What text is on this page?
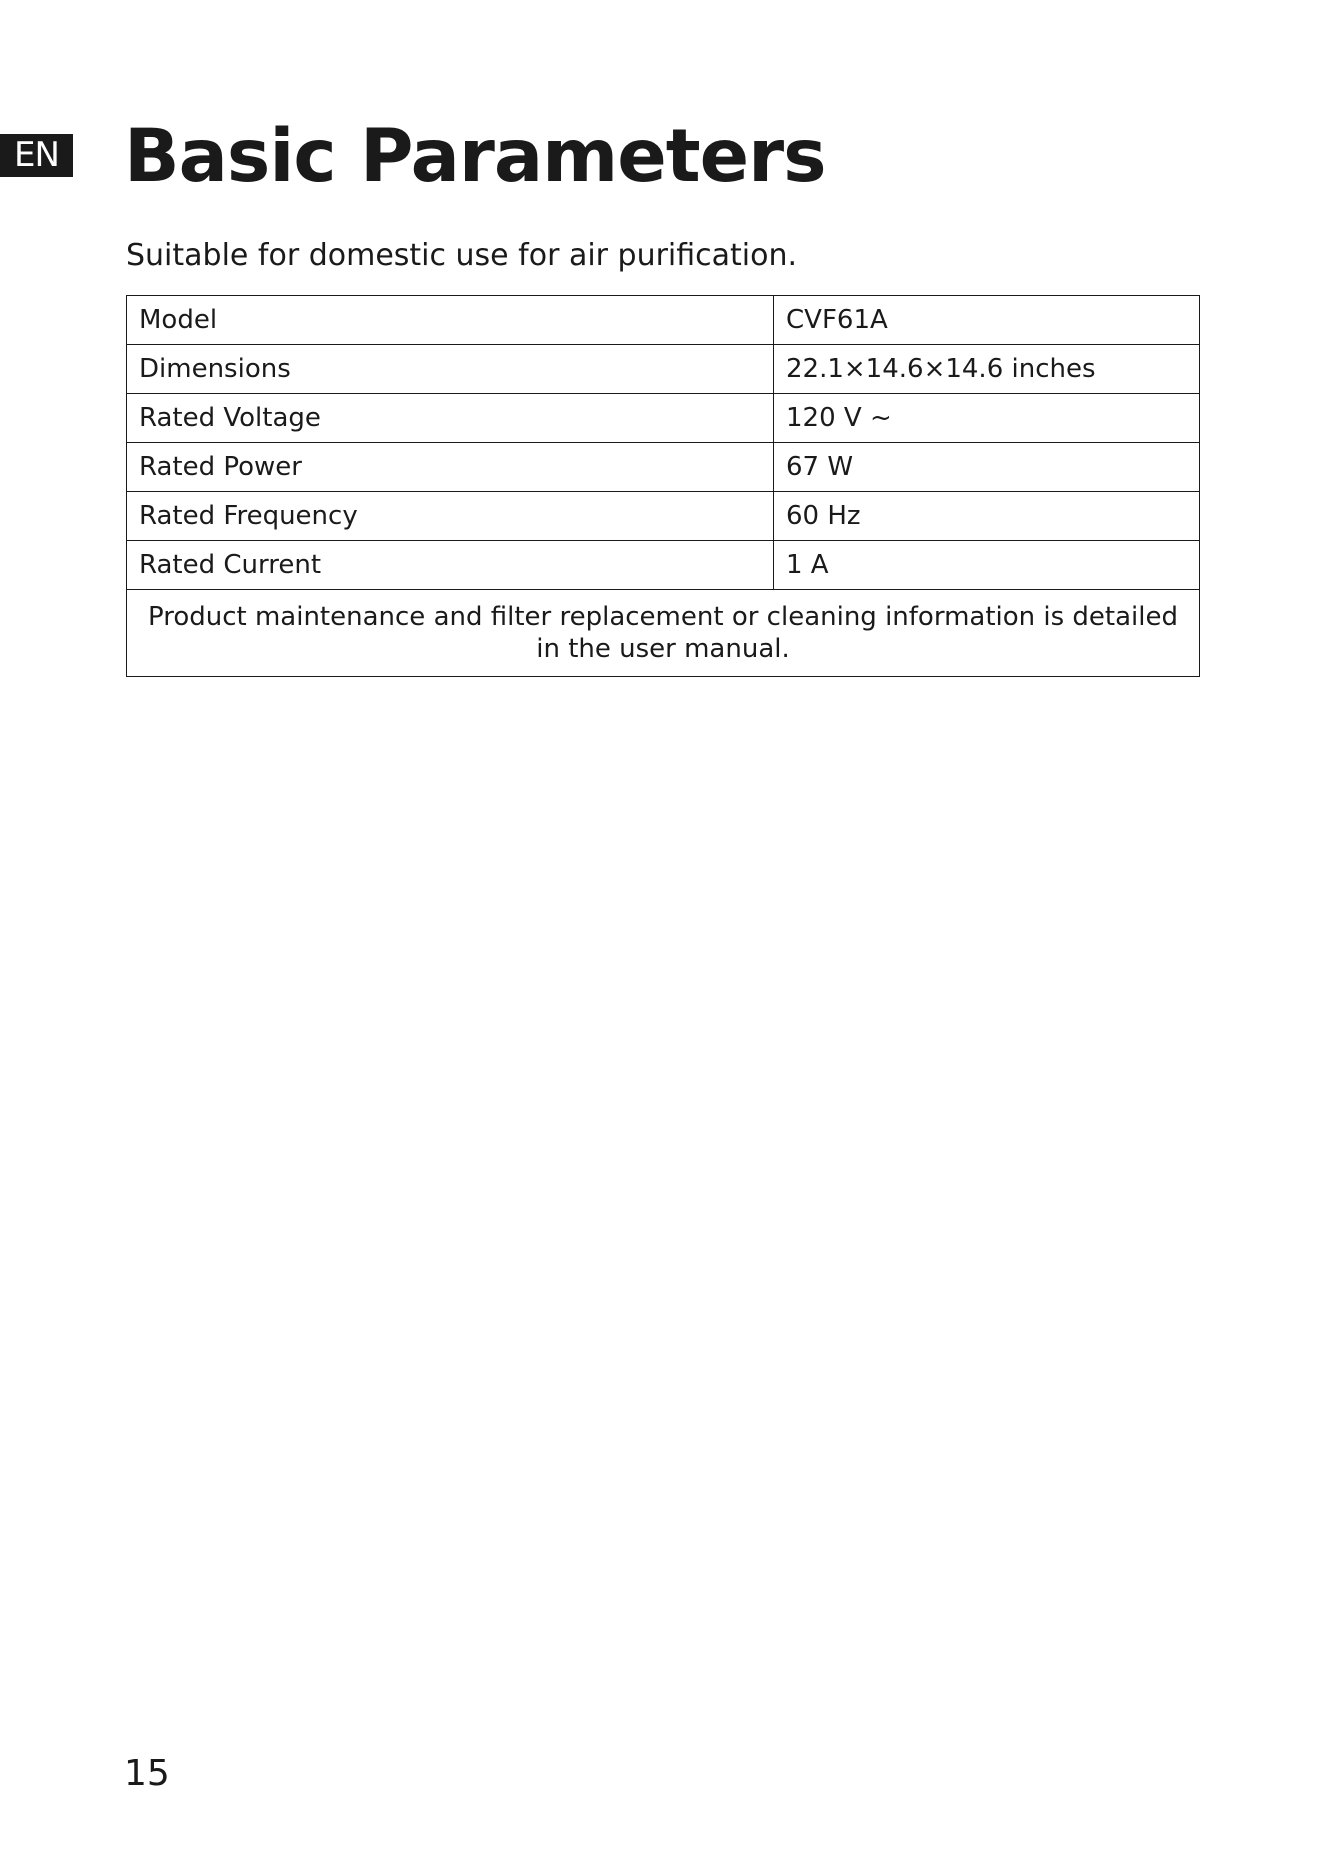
EN Basic Parameters

Suitable for domestic use for air purification.

Model	CVF61A
Dimensions	22.1×14.6×14.6 inches
Rated Voltage	120 V ~
Rated Power	67 W
Rated Frequency	60 Hz
Rated Current	1 A
Product maintenance and filter replacement or cleaning information is detailed in the user manual.	
15
